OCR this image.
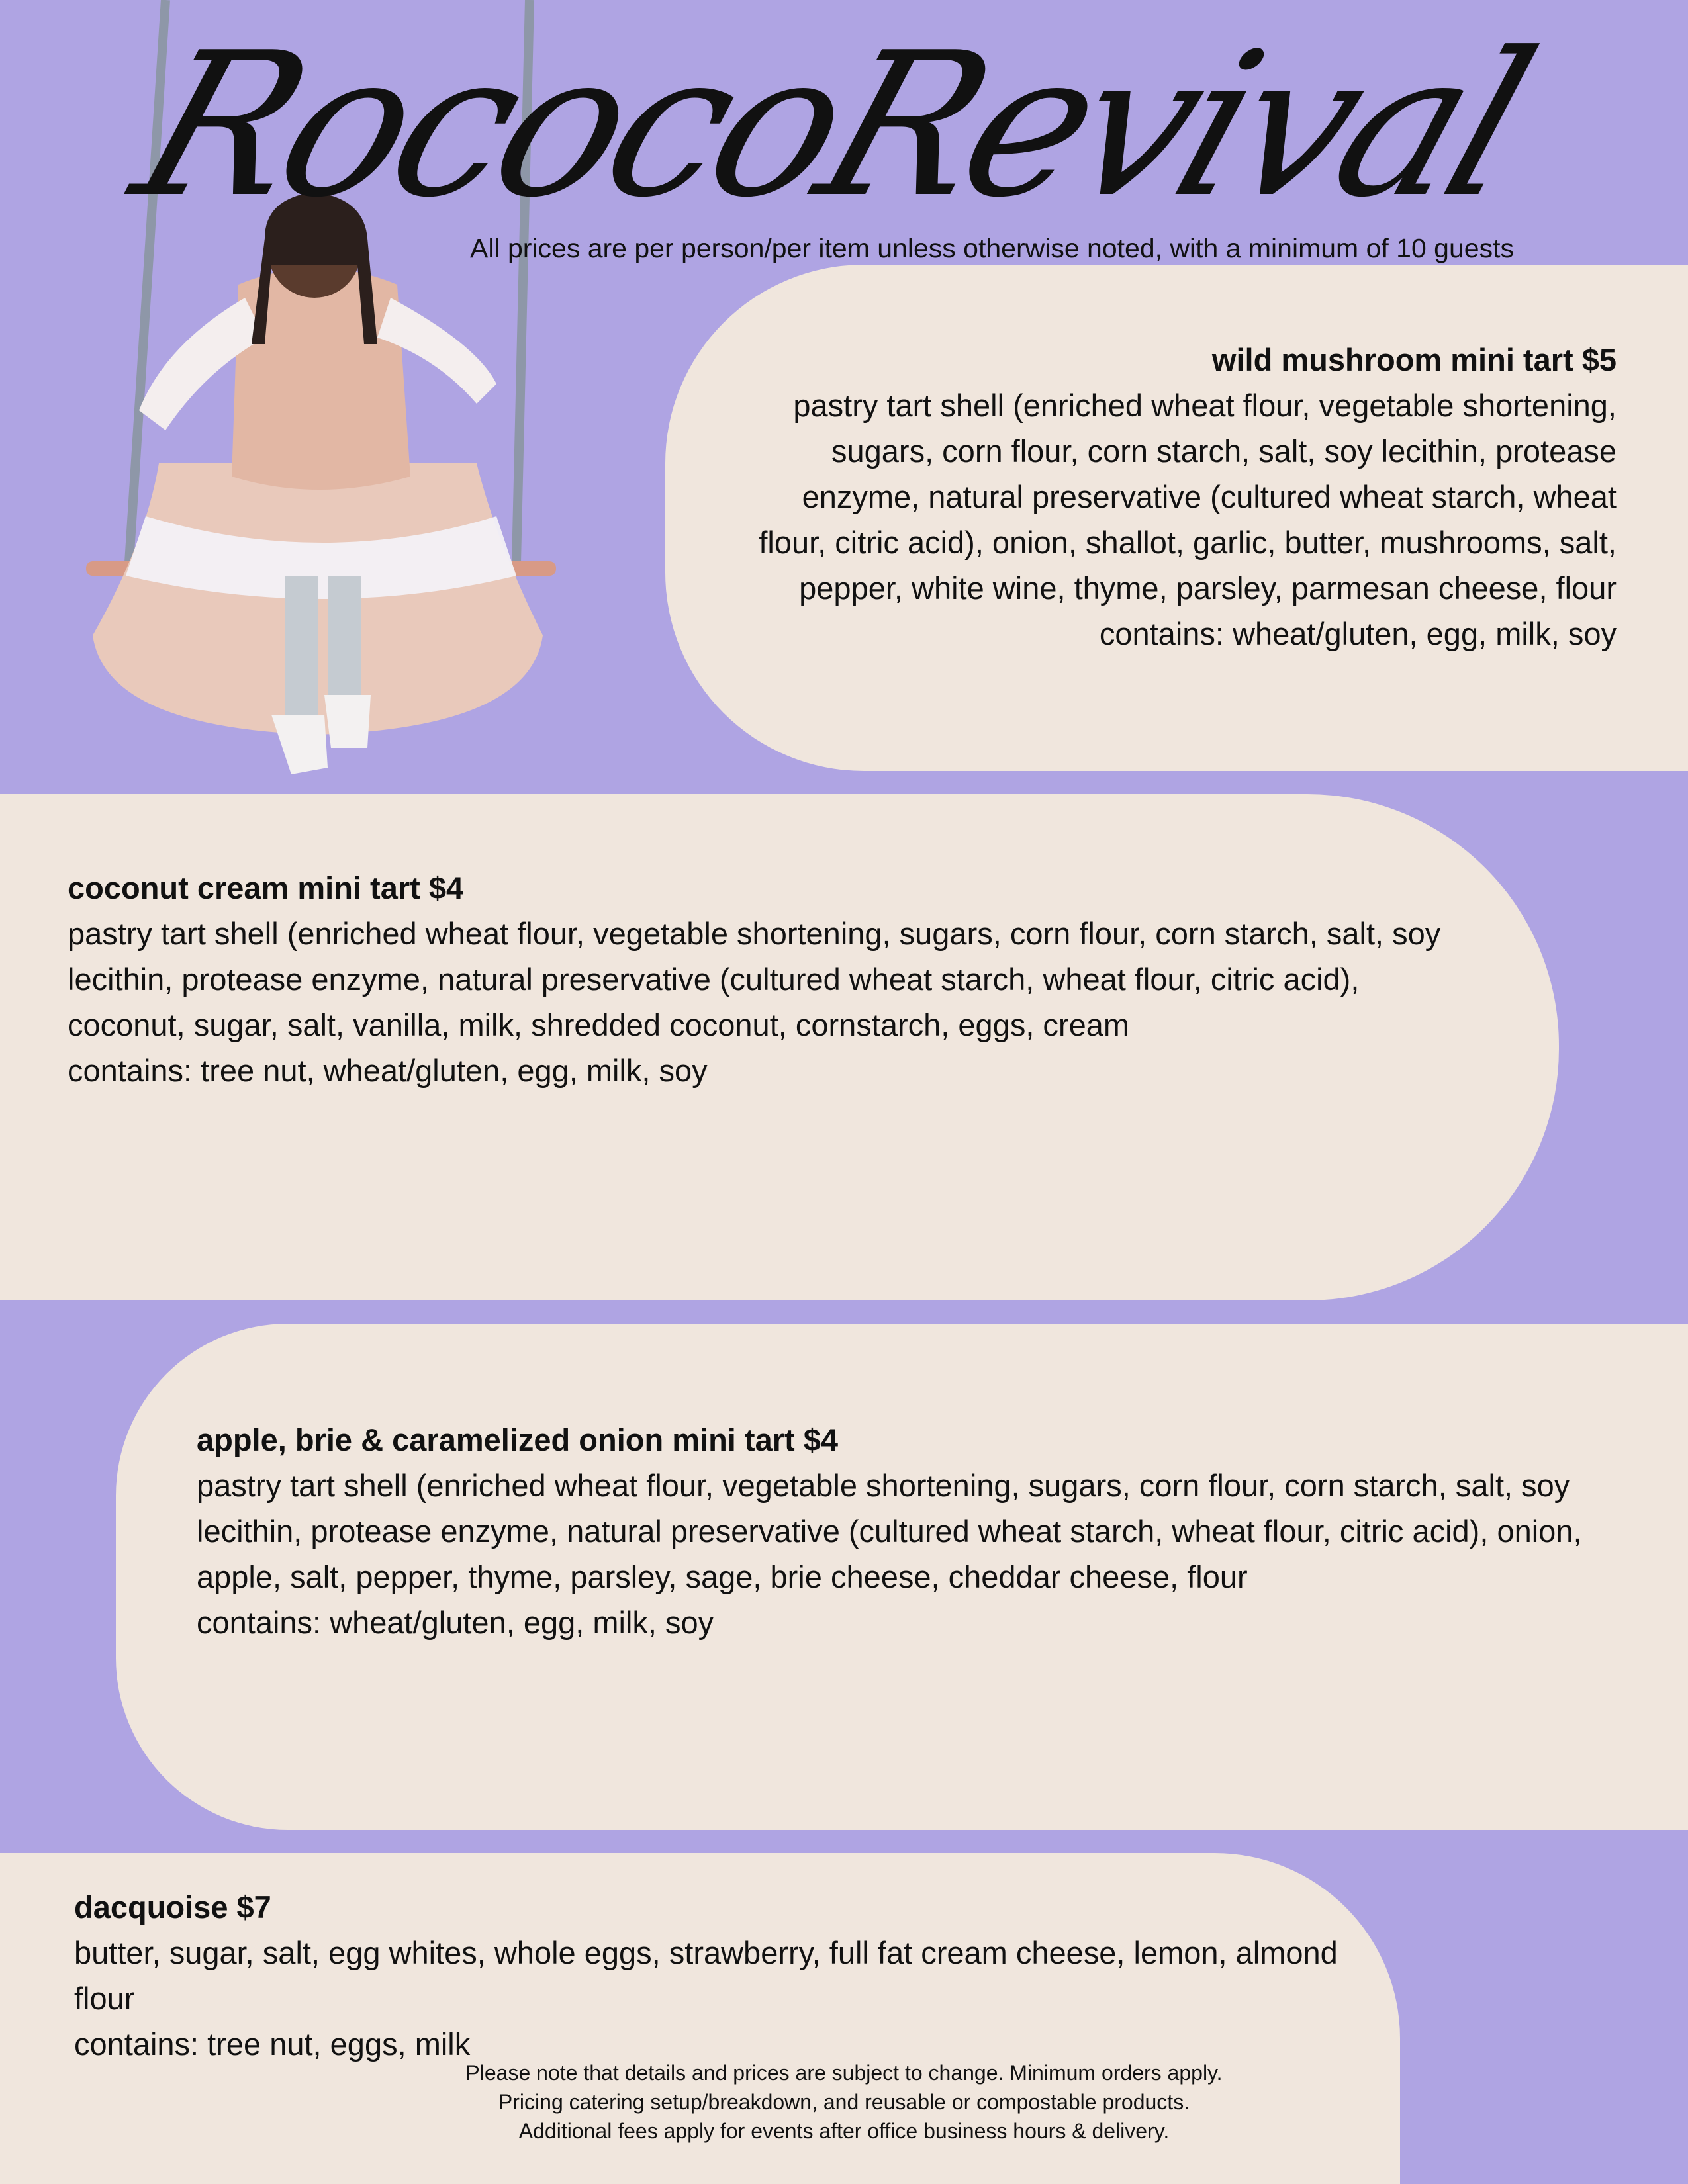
RococoRevival
All prices are per person/per item unless otherwise noted, with a minimum of 10 guests

wild mushroom mini tart $5

pastry tart shell (enriched wheat flour, vegetable shortening, sugars, corn flour, corn starch, salt, soy lecithin, protease enzyme, natural preservative (cultured wheat starch, wheat flour, citric acid), onion, shallot, garlic, butter, mushrooms, salt, pepper, white wine, thyme, parsley, parmesan cheese, flour

contains: wheat/gluten, egg, milk, soy

coconut cream mini tart $4

pastry tart shell (enriched wheat flour, vegetable shortening, sugars, corn flour, corn starch, salt, soy lecithin, protease enzyme, natural preservative (cultured wheat starch, wheat flour, citric acid), coconut, sugar, salt, vanilla, milk, shredded coconut, cornstarch, eggs, cream

contains: tree nut, wheat/gluten, egg, milk, soy

apple, brie & caramelized onion mini tart $4

pastry tart shell (enriched wheat flour, vegetable shortening, sugars, corn flour, corn starch, salt, soy lecithin, protease enzyme, natural preservative (cultured wheat starch, wheat flour, citric acid), onion, apple, salt, pepper, thyme, parsley, sage, brie cheese, cheddar cheese, flour

contains: wheat/gluten, egg, milk, soy

dacquoise $7

butter, sugar, salt, egg whites, whole eggs, strawberry, full fat cream cheese, lemon, almond flour

contains: tree nut, eggs, milk

Please note that details and prices are subject to change. Minimum orders apply.
Pricing catering setup/breakdown, and reusable or compostable products.
Additional fees apply for events after office business hours & delivery.
